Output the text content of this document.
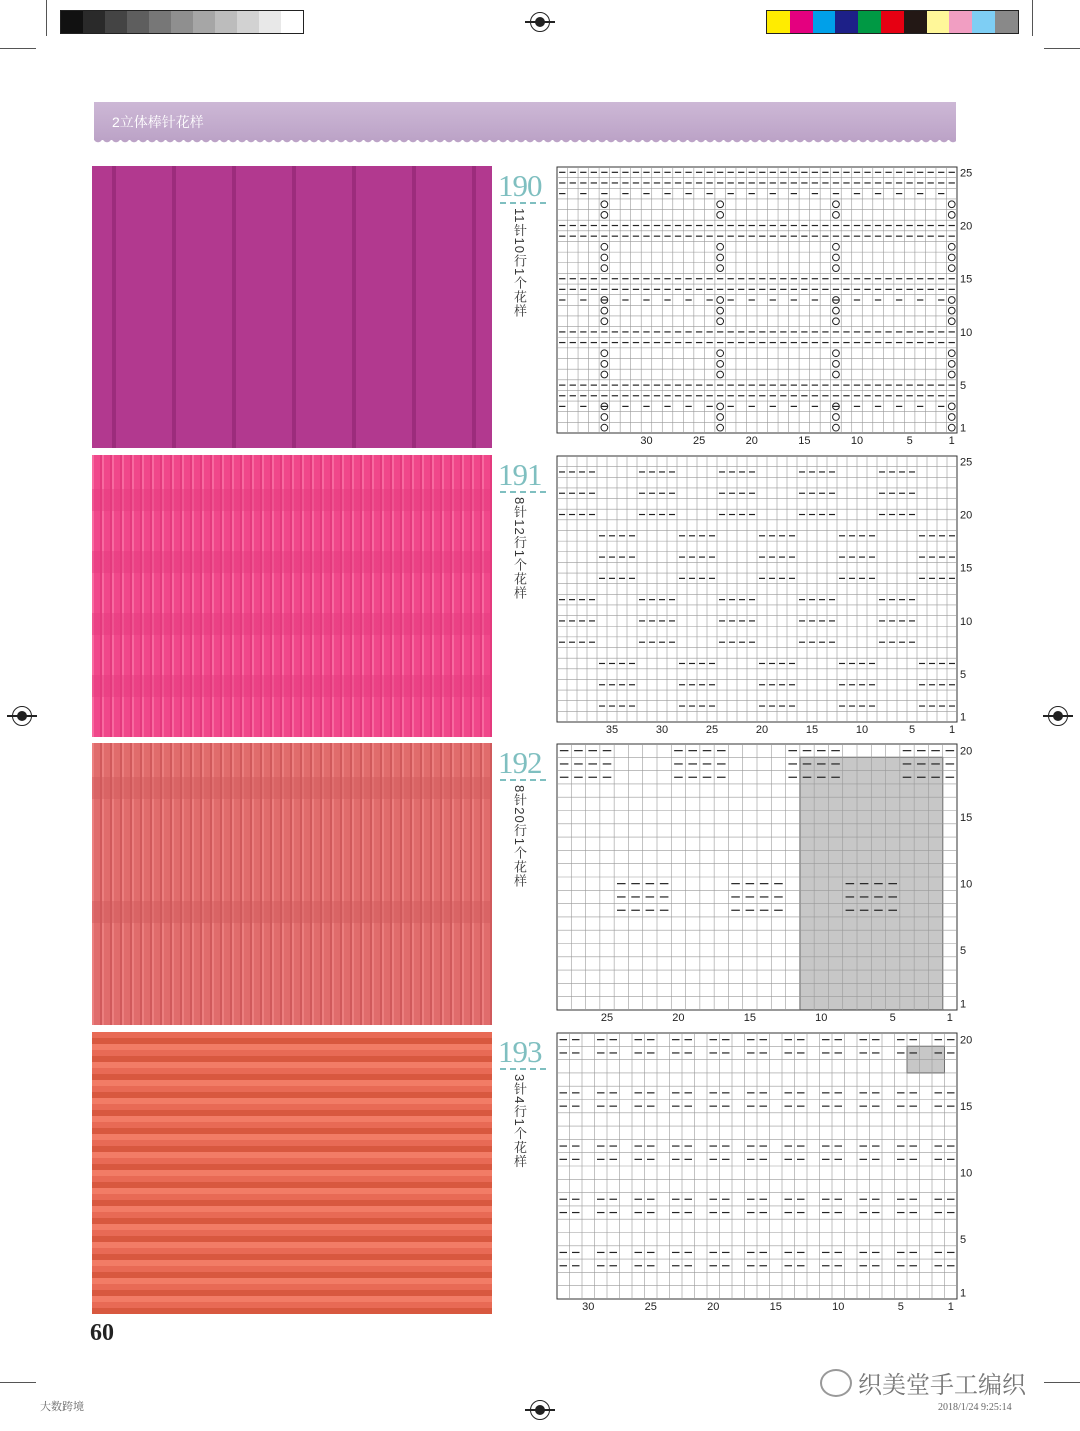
2立体棒针花样
190
11针10行1个花样
25
20
15
10
5
1
30	25	20	15	10	5	1
191
8针12行1个花样
25
20
15
10
5
1
35	30	25	20	15	10	5	1
192
8针20行1个花样
20
15
10
5
1
25	20	15	10	5	1
193
3针4行1个花样
20
15
10
5
1
30	25	20	15	10	5	1
60
织美堂手工编织
大数跨境	2018/1/24 9:25:14
